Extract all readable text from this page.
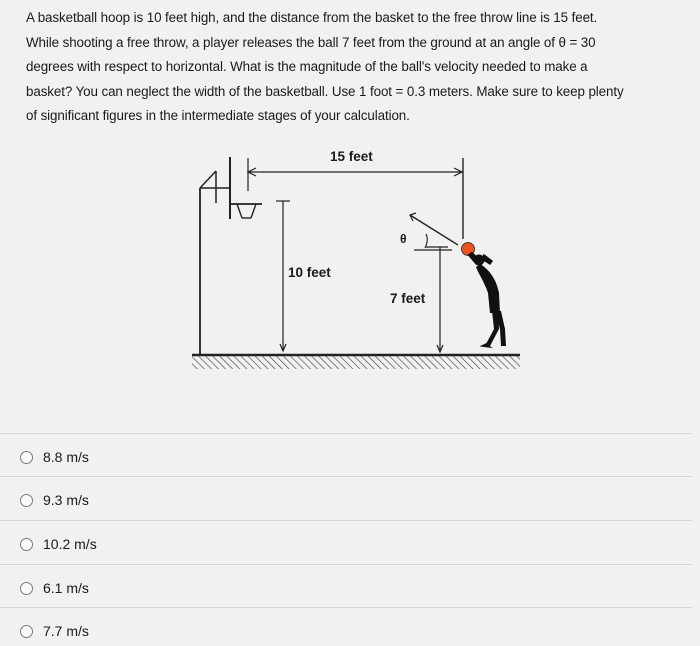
A basketball hoop is 10 feet high, and the distance from the basket to the free throw line is 15 feet.
While shooting a free throw, a player releases the ball 7 feet from the ground at an angle of θ = 30
degrees with respect to horizontal. What is the magnitude of the ball's velocity needed to make a
basket? You can neglect the width of the basketball. Use 1 foot = 0.3 meters. Make sure to keep plenty
of significant figures in the intermediate stages of your calculation.
15 feet
10 feet
7 feet
θ
8.8 m/s
9.3 m/s
10.2 m/s
6.1 m/s
7.7 m/s
